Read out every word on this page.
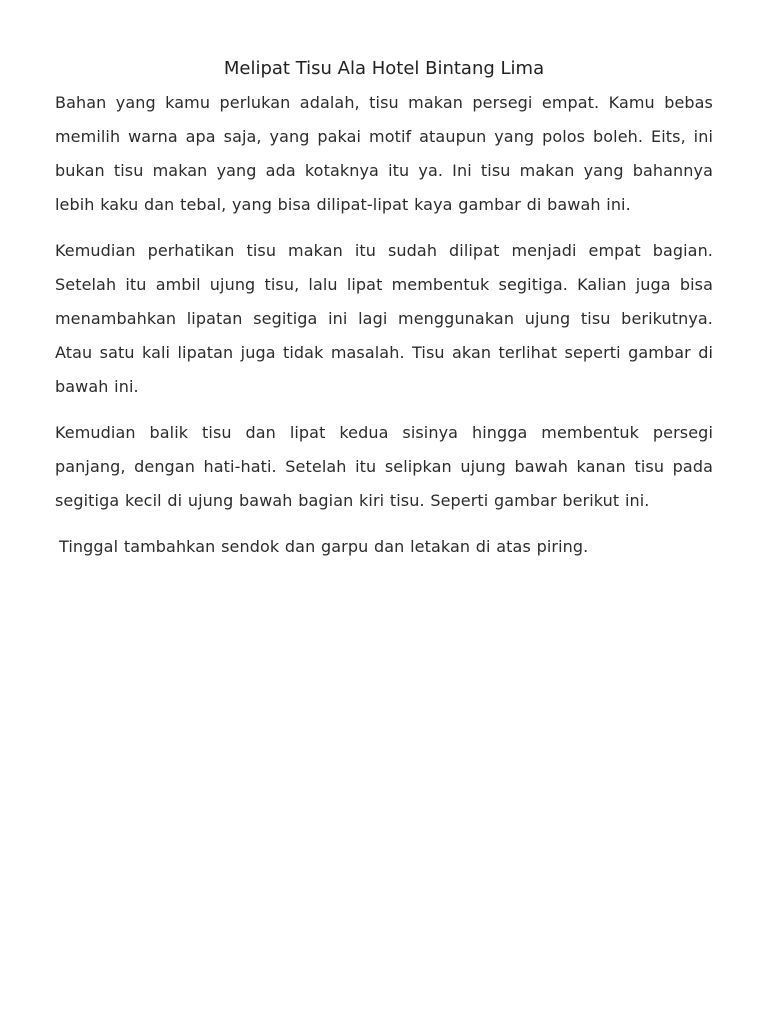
Melipat Tisu Ala Hotel Bintang Lima

Bahan yang kamu perlukan adalah, tisu makan persegi empat. Kamu bebas memilih warna apa saja, yang pakai motif ataupun yang polos boleh. Eits, ini bukan tisu makan yang ada kotaknya itu ya. Ini tisu makan yang bahannya lebih kaku dan tebal, yang bisa dilipat-lipat kaya gambar di bawah ini.

Kemudian perhatikan tisu makan itu sudah dilipat menjadi empat bagian. Setelah itu ambil ujung tisu, lalu lipat membentuk segitiga. Kalian juga bisa menambahkan lipatan segitiga ini lagi menggunakan ujung tisu berikutnya. Atau satu kali lipatan juga tidak masalah. Tisu akan terlihat seperti gambar di bawah ini.

Kemudian balik tisu dan lipat kedua sisinya hingga membentuk persegi panjang, dengan hati-hati. Setelah itu selipkan ujung bawah kanan tisu pada segitiga kecil di ujung bawah bagian kiri tisu. Seperti gambar berikut ini.

Tinggal tambahkan sendok dan garpu dan letakan di atas piring.
